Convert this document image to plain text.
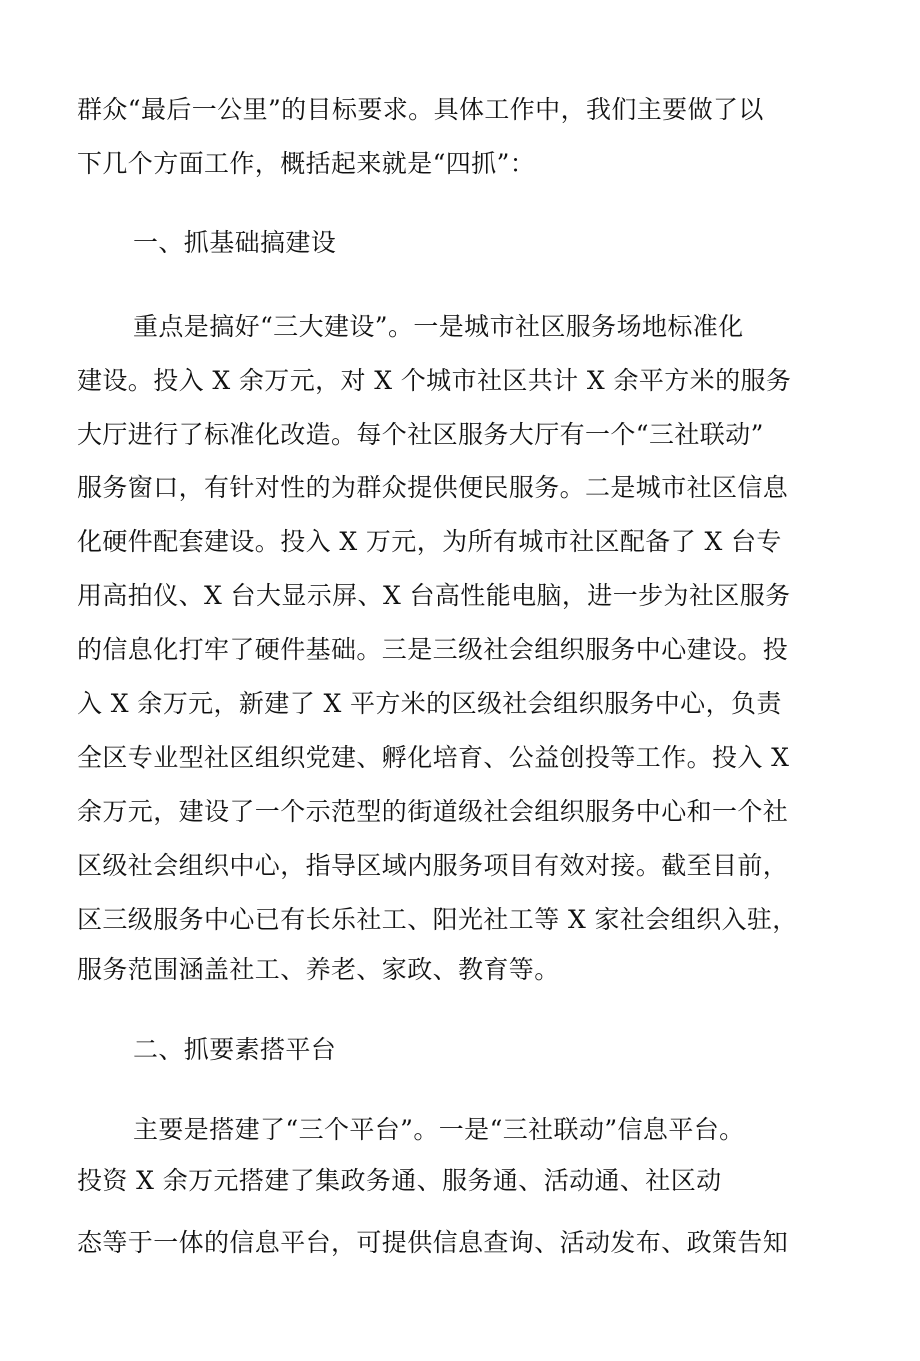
群众“最后一公里”的目标要求。具体工作中，我们主要做了以
下几个方面工作，概括起来就是“四抓”：
一、抓基础搞建设
重点是搞好“三大建设”。一是城市社区服务场地标准化
建设。投入 X 余万元，对 X 个城市社区共计 X 余平方米的服务
大厅进行了标准化改造。每个社区服务大厅有一个“三社联动”
服务窗口，有针对性的为群众提供便民服务。二是城市社区信息
化硬件配套建设。投入 X 万元，为所有城市社区配备了 X 台专
用高拍仪、X 台大显示屏、X 台高性能电脑，进一步为社区服务
的信息化打牢了硬件基础。三是三级社会组织服务中心建设。投
入 X 余万元，新建了 X 平方米的区级社会组织服务中心，负责
全区专业型社区组织党建、孵化培育、公益创投等工作。投入 X
余万元，建设了一个示范型的街道级社会组织服务中心和一个社
区级社会组织中心，指导区域内服务项目有效对接。截至目前，
区三级服务中心已有长乐社工、阳光社工等 X 家社会组织入驻，
服务范围涵盖社工、养老、家政、教育等。
二、抓要素搭平台
主要是搭建了“三个平台”。一是“三社联动”信息平台。
投资 X 余万元搭建了集政务通、服务通、活动通、社区动
态等于一体的信息平台，可提供信息查询、活动发布、政策告知
